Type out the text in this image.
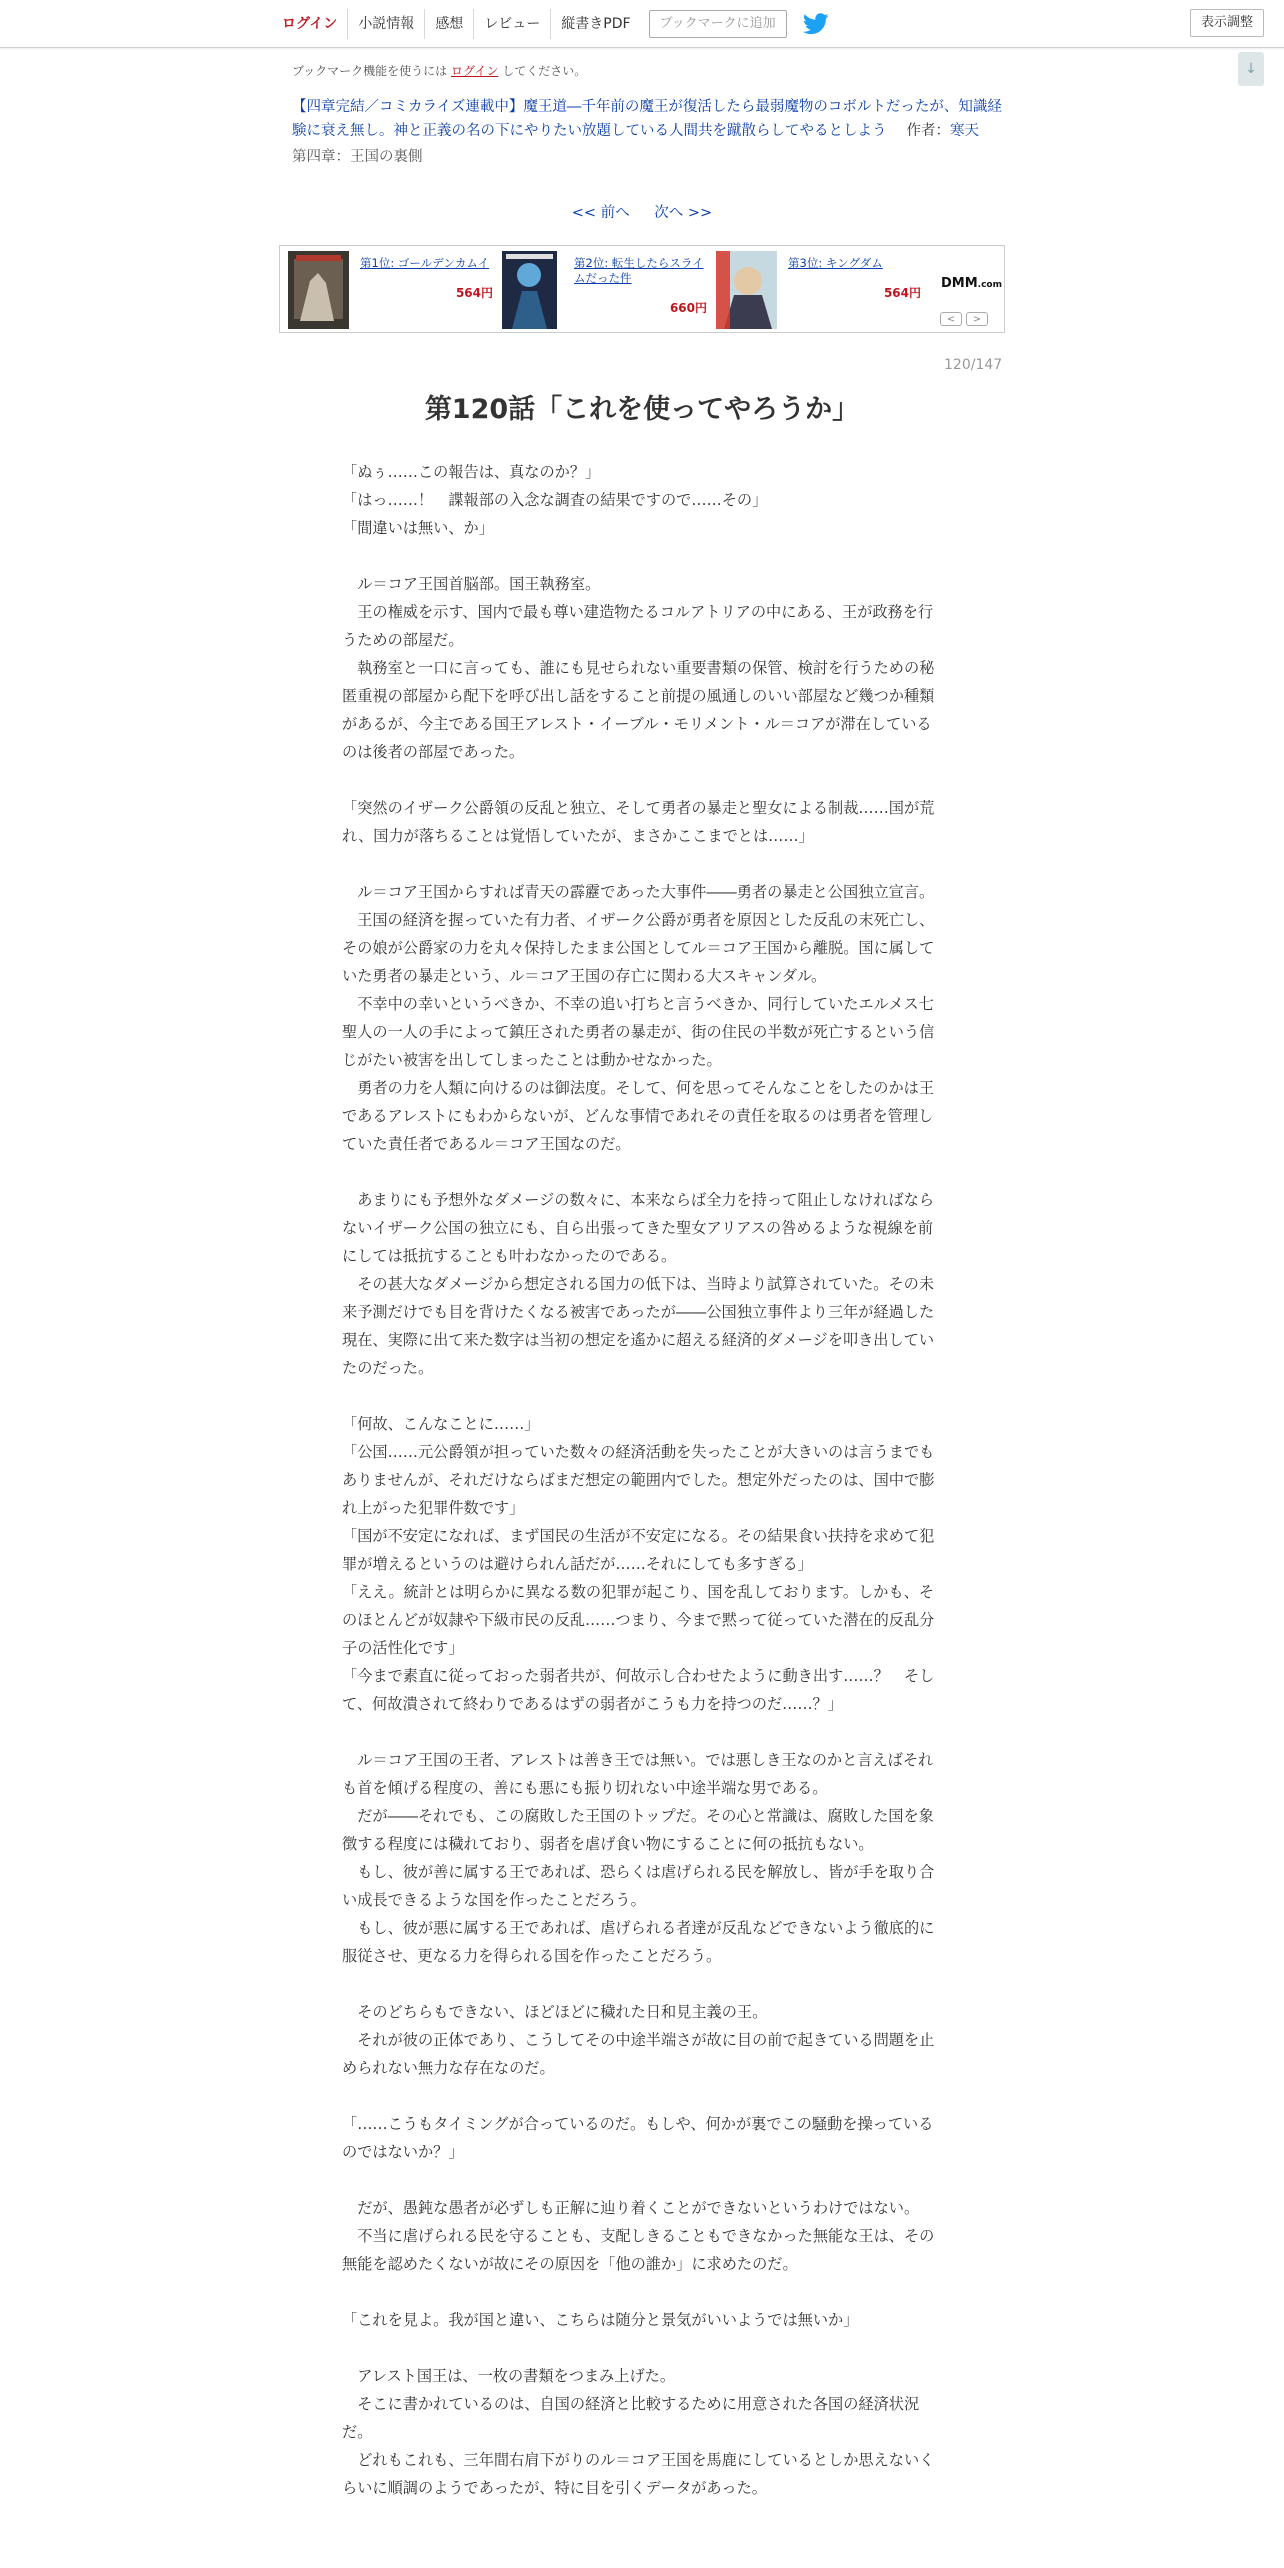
ログイン	小説情報	感想	レビュー	縦書きPDF	ブックマークに追加	表示調整
↓
ブックマーク機能を使うには ログイン してください。
【四章完結／コミカライズ連載中】魔王道―千年前の魔王が復活したら最弱魔物のコボルトだったが、知識経験に衰え無し。神と正義の名の下にやりたい放題している人間共を蹴散らしてやるとしよう 作者：寒天
第四章：王国の裏側
<< 前へ 次へ >>
第1位: ゴールデンカムイ
564円
第2位: 転生したらスライムだった件
660円
第3位: キングダム
564円
DMM.com
<	>
120/147
第120話「これを使ってやろうか」

「ぬぅ……この報告は、真なのか？」

「はっ……！　諜報部の入念な調査の結果ですので……その」

「間違いは無い、か」

　ル＝コア王国首脳部。国王執務室。

　王の権威を示す、国内で最も尊い建造物たるコルアトリアの中にある、王が政務を行うための部屋だ。

　執務室と一口に言っても、誰にも見せられない重要書類の保管、検討を行うための秘匿重視の部屋から配下を呼び出し話をすること前提の風通しのいい部屋など幾つか種類があるが、今主である国王アレスト・イーブル・モリメント・ル＝コアが滞在しているのは後者の部屋であった。

「突然のイザーク公爵領の反乱と独立、そして勇者の暴走と聖女による制裁……国が荒れ、国力が落ちることは覚悟していたが、まさかここまでとは……」

　ル＝コア王国からすれば青天の霹靂であった大事件――勇者の暴走と公国独立宣言。

　王国の経済を握っていた有力者、イザーク公爵が勇者を原因とした反乱の末死亡し、その娘が公爵家の力を丸々保持したまま公国としてル＝コア王国から離脱。国に属していた勇者の暴走という、ル＝コア王国の存亡に関わる大スキャンダル。

　不幸中の幸いというべきか、不幸の追い打ちと言うべきか、同行していたエルメス七聖人の一人の手によって鎮圧された勇者の暴走が、街の住民の半数が死亡するという信じがたい被害を出してしまったことは動かせなかった。

　勇者の力を人類に向けるのは御法度。そして、何を思ってそんなことをしたのかは王であるアレストにもわからないが、どんな事情であれその責任を取るのは勇者を管理していた責任者であるル＝コア王国なのだ。

　あまりにも予想外なダメージの数々に、本来ならば全力を持って阻止しなければならないイザーク公国の独立にも、自ら出張ってきた聖女アリアスの咎めるような視線を前にしては抵抗することも叶わなかったのである。

　その甚大なダメージから想定される国力の低下は、当時より試算されていた。その未来予測だけでも目を背けたくなる被害であったが――公国独立事件より三年が経過した現在、実際に出て来た数字は当初の想定を遙かに超える経済的ダメージを叩き出していたのだった。

「何故、こんなことに……」

「公国……元公爵領が担っていた数々の経済活動を失ったことが大きいのは言うまでもありませんが、それだけならばまだ想定の範囲内でした。想定外だったのは、国中で膨れ上がった犯罪件数です」

「国が不安定になれば、まず国民の生活が不安定になる。その結果食い扶持を求めて犯罪が増えるというのは避けられん話だが……それにしても多すぎる」

「ええ。統計とは明らかに異なる数の犯罪が起こり、国を乱しております。しかも、そのほとんどが奴隷や下級市民の反乱……つまり、今まで黙って従っていた潜在的反乱分子の活性化です」

「今まで素直に従っておった弱者共が、何故示し合わせたように動き出す……？　そして、何故潰されて終わりであるはずの弱者がこうも力を持つのだ……？」

　ル＝コア王国の王者、アレストは善き王では無い。では悪しき王なのかと言えばそれも首を傾げる程度の、善にも悪にも振り切れない中途半端な男である。

　だが――それでも、この腐敗した王国のトップだ。その心と常識は、腐敗した国を象徴する程度には穢れており、弱者を虐げ食い物にすることに何の抵抗もない。

　もし、彼が善に属する王であれば、恐らくは虐げられる民を解放し、皆が手を取り合い成長できるような国を作ったことだろう。

　もし、彼が悪に属する王であれば、虐げられる者達が反乱などできないよう徹底的に服従させ、更なる力を得られる国を作ったことだろう。

　そのどちらもできない、ほどほどに穢れた日和見主義の王。

　それが彼の正体であり、こうしてその中途半端さが故に目の前で起きている問題を止められない無力な存在なのだ。

「……こうもタイミングが合っているのだ。もしや、何かが裏でこの騒動を操っているのではないか？」

　だが、愚鈍な愚者が必ずしも正解に辿り着くことができないというわけではない。

　不当に虐げられる民を守ることも、支配しきることもできなかった無能な王は、その無能を認めたくないが故にその原因を「他の誰か」に求めたのだ。

「これを見よ。我が国と違い、こちらは随分と景気がいいようでは無いか」

　アレスト国王は、一枚の書類をつまみ上げた。

　そこに書かれているのは、自国の経済と比較するために用意された各国の経済状況だ。

　どれもこれも、三年間右肩下がりのル＝コア王国を馬鹿にしているとしか思えないくらいに順調のようであったが、特に目を引くデータがあった。
